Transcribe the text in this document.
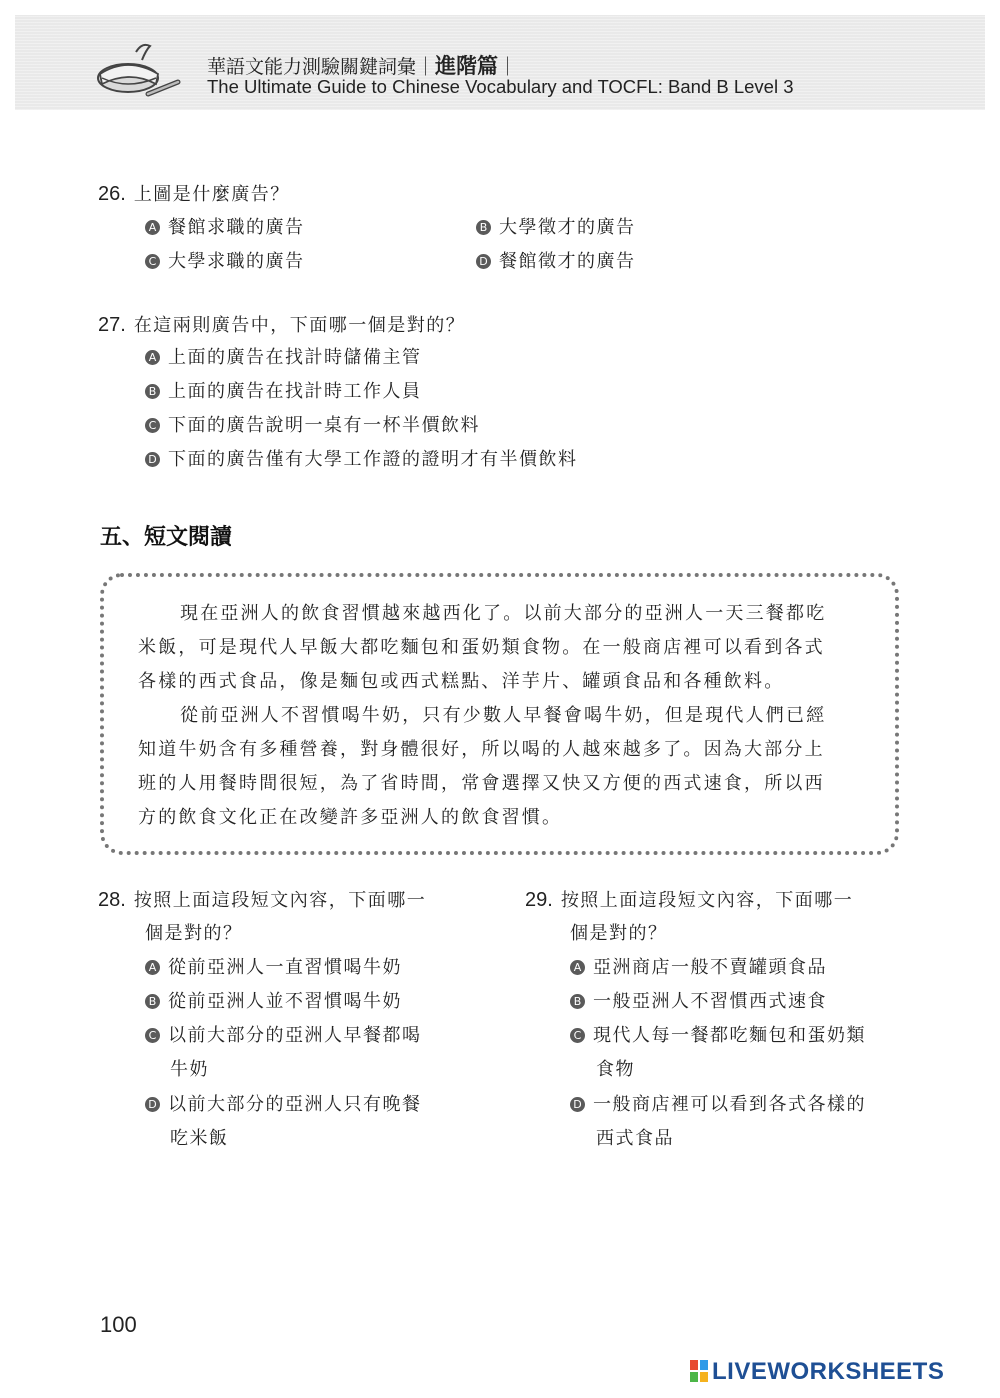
華語文能力測驗關鍵詞彙｜進階篇｜
The Ultimate Guide to Chinese Vocabulary and TOCFL: Band B Level 3
26. 上圖是什麼廣告？
A 餐館求職的廣告	B 大學徵才的廣告
C 大學求職的廣告	D 餐館徵才的廣告
27. 在這兩則廣告中，下面哪一個是對的？
A 上面的廣告在找計時儲備主管
B 上面的廣告在找計時工作人員
C 下面的廣告說明一桌有一杯半價飲料
D 下面的廣告僅有大學工作證的證明才有半價飲料
五、短文閱讀
現在亞洲人的飲食習慣越來越西化了。以前大部分的亞洲人一天三餐都吃
米飯，可是現代人早飯大都吃麵包和蛋奶類食物。在一般商店裡可以看到各式
各樣的西式食品，像是麵包或西式糕點、洋芋片、罐頭食品和各種飲料。
從前亞洲人不習慣喝牛奶，只有少數人早餐會喝牛奶，但是現代人們已經
知道牛奶含有多種營養，對身體很好，所以喝的人越來越多了。因為大部分上
班的人用餐時間很短，為了省時間，常會選擇又快又方便的西式速食，所以西
方的飲食文化正在改變許多亞洲人的飲食習慣。
28. 按照上面這段短文內容，下面哪一
個是對的？
A 從前亞洲人一直習慣喝牛奶
B 從前亞洲人並不習慣喝牛奶
C 以前大部分的亞洲人早餐都喝
牛奶
D 以前大部分的亞洲人只有晚餐
吃米飯
29. 按照上面這段短文內容，下面哪一
個是對的？
A 亞洲商店一般不賣罐頭食品
B 一般亞洲人不習慣西式速食
C 現代人每一餐都吃麵包和蛋奶類
食物
D 一般商店裡可以看到各式各樣的
西式食品
100
LIVEWORKSHEETS
